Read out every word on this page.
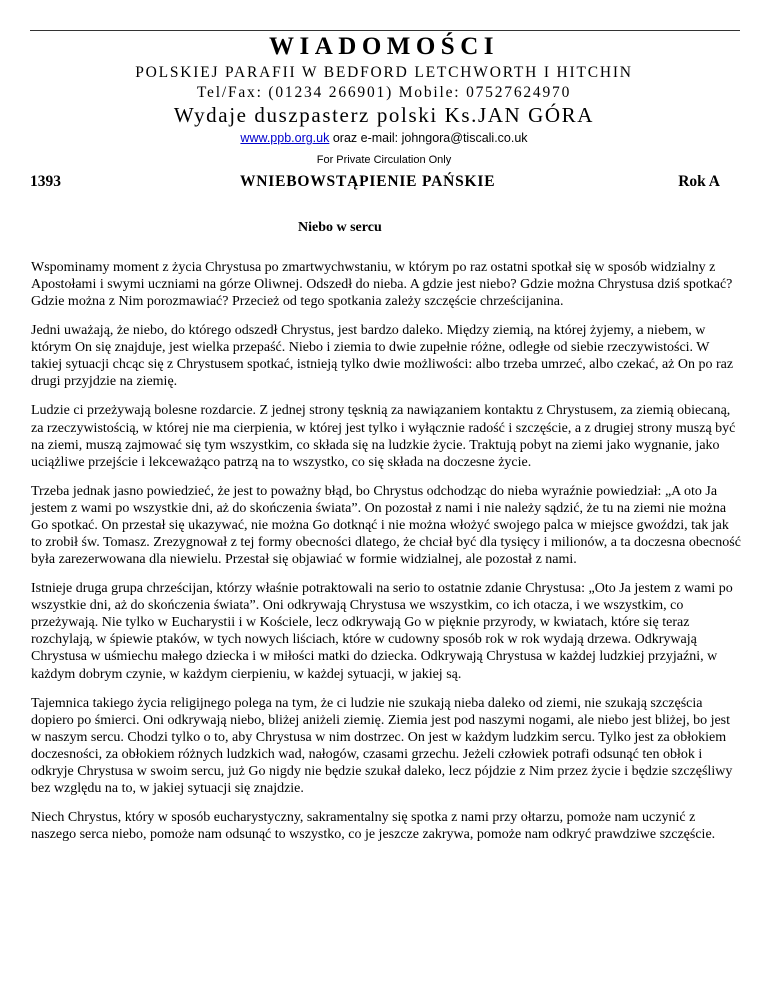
WIADOMOŚCI
POLSKIEJ PARAFII W BEDFORD LETCHWORTH I HITCHIN
Tel/Fax: (01234 266901) Mobile: 07527624970
Wydaje duszpasterz polski Ks.JAN GÓRA
www.ppb.org.uk oraz e-mail: johngora@tiscali.co.uk
For Private Circulation Only
1393	WNIEBOWSTĄPIENIE PAŃSKIE	Rok A
Niebo w sercu

Wspominamy moment z życia Chrystusa po zmartwychwstaniu, w którym po raz ostatni spotkał się w sposób widzialny z Apostołami i swymi uczniami na górze Oliwnej. Odszedł do nieba. A gdzie jest niebo? Gdzie można Chrystusa dziś spotkać? Gdzie można z Nim porozmawiać? Przecież od tego spotkania zależy szczęście chrześcijanina.

Jedni uważają, że niebo, do którego odszedł Chrystus, jest bardzo daleko. Między ziemią, na której żyjemy, a niebem, w którym On się znajduje, jest wielka przepaść. Niebo i ziemia to dwie zupełnie różne, odległe od siebie rzeczywistości. W takiej sytuacji chcąc się z Chrystusem spotkać, istnieją tylko dwie możliwości: albo trzeba umrzeć, albo czekać, aż On po raz drugi przyjdzie na ziemię.

Ludzie ci przeżywają bolesne rozdarcie. Z jednej strony tęsknią za nawiązaniem kontaktu z Chrystusem, za ziemią obiecaną, za rzeczywistością, w której nie ma cierpienia, w której jest tylko i wyłącznie radość i szczęście, a z drugiej strony muszą być na ziemi, muszą zajmować się tym wszystkim, co składa się na ludzkie życie. Traktują pobyt na ziemi jako wygnanie, jako uciążliwe przejście i lekceważąco patrzą na to wszystko, co się składa na doczesne życie.

Trzeba jednak jasno powiedzieć, że jest to poważny błąd, bo Chrystus odchodząc do nieba wyraźnie powiedział: „A oto Ja jestem z wami po wszystkie dni, aż do skończenia świata”. On pozostał z nami i nie należy sądzić, że tu na ziemi nie można Go spotkać. On przestał się ukazywać, nie można Go dotknąć i nie można włożyć swojego palca w miejsce gwoździ, tak jak to zrobił św. Tomasz. Zrezygnował z tej formy obecności dlatego, że chciał być dla tysięcy i milionów, a ta doczesna obecność była zarezerwowana dla niewielu. Przestał się objawiać w formie widzialnej, ale pozostał z nami.

Istnieje druga grupa chrześcijan, którzy właśnie potraktowali na serio to ostatnie zdanie Chrystusa: „Oto Ja jestem z wami po wszystkie dni, aż do skończenia świata”. Oni odkrywają Chrystusa we wszystkim, co ich otacza, i we wszystkim, co przeżywają. Nie tylko w Eucharystii i w Kościele, lecz odkrywają Go w pięknie przyrody, w kwiatach, które się teraz rozchylają, w śpiewie ptaków, w tych nowych liściach, które w cudowny sposób rok w rok wydają drzewa. Odkrywają Chrystusa w uśmiechu małego dziecka i w miłości matki do dziecka. Odkrywają Chrystusa w każdej ludzkiej przyjaźni, w każdym dobrym czynie, w każdym cierpieniu, w każdej sytuacji, w jakiej są.

Tajemnica takiego życia religijnego polega na tym, że ci ludzie nie szukają nieba daleko od ziemi, nie szukają szczęścia dopiero po śmierci. Oni odkrywają niebo, bliżej aniżeli ziemię. Ziemia jest pod naszymi nogami, ale niebo jest bliżej, bo jest w naszym sercu. Chodzi tylko o to, aby Chrystusa w nim dostrzec. On jest w każdym ludzkim sercu. Tylko jest za obłokiem doczesności, za obłokiem różnych ludzkich wad, nałogów, czasami grzechu. Jeżeli człowiek potrafi odsunąć ten obłok i odkryje Chrystusa w swoim sercu, już Go nigdy nie będzie szukał daleko, lecz pójdzie z Nim przez życie i będzie szczęśliwy bez względu na to, w jakiej sytuacji się znajdzie.

Niech Chrystus, który w sposób eucharystyczny, sakramentalny się spotka z nami przy ołtarzu, pomoże nam uczynić z naszego serca niebo, pomoże nam odsunąć to wszystko, co je jeszcze zakrywa, pomoże nam odkryć prawdziwe szczęście.
